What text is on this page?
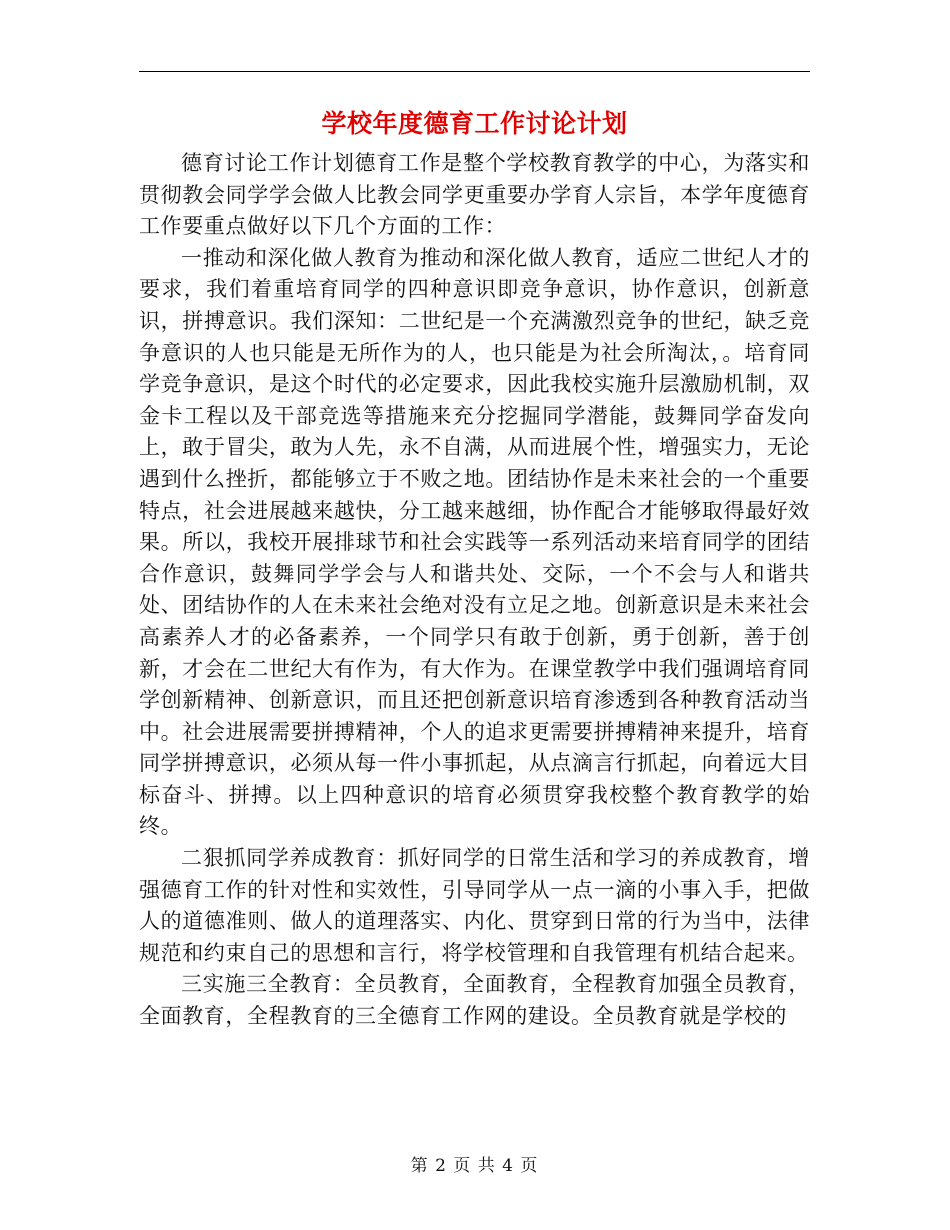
学校年度德育工作讨论计划

德育讨论工作计划德育工作是整个学校教育教学的中心，为落实和贯彻教会同学学会做人比教会同学更重要办学育人宗旨，本学年度德育工作要重点做好以下几个方面的工作：

一推动和深化做人教育为推动和深化做人教育，适应二世纪人才的要求，我们着重培育同学的四种意识即竞争意识，协作意识，创新意识，拼搏意识。我们深知：二世纪是一个充满激烈竞争的世纪，缺乏竞争意识的人也只能是无所作为的人，也只能是为社会所淘汰，。培育同学竞争意识，是这个时代的必定要求，因此我校实施升层激励机制，双金卡工程以及干部竞选等措施来充分挖掘同学潜能，鼓舞同学奋发向上，敢于冒尖，敢为人先，永不自满，从而进展个性，增强实力，无论遇到什么挫折，都能够立于不败之地。团结协作是未来社会的一个重要特点，社会进展越来越快，分工越来越细，协作配合才能够取得最好效果。所以，我校开展排球节和社会实践等一系列活动来培育同学的团结合作意识，鼓舞同学学会与人和谐共处、交际，一个不会与人和谐共处、团结协作的人在未来社会绝对没有立足之地。创新意识是未来社会高素养人才的必备素养，一个同学只有敢于创新，勇于创新，善于创新，才会在二世纪大有作为，有大作为。在课堂教学中我们强调培育同学创新精神、创新意识，而且还把创新意识培育渗透到各种教育活动当中。社会进展需要拼搏精神，个人的追求更需要拼搏精神来提升，培育同学拼搏意识，必须从每一件小事抓起，从点滴言行抓起，向着远大目标奋斗、拼搏。以上四种意识的培育必须贯穿我校整个教育教学的始终。

二狠抓同学养成教育：抓好同学的日常生活和学习的养成教育，增强德育工作的针对性和实效性，引导同学从一点一滴的小事入手，把做人的道德准则、做人的道理落实、内化、贯穿到日常的行为当中，法律规范和约束自己的思想和言行，将学校管理和自我管理有机结合起来。

三实施三全教育：全员教育，全面教育，全程教育加强全员教育，全面教育，全程教育的三全德育工作网的建设。全员教育就是学校的

第 2 页 共 4 页
